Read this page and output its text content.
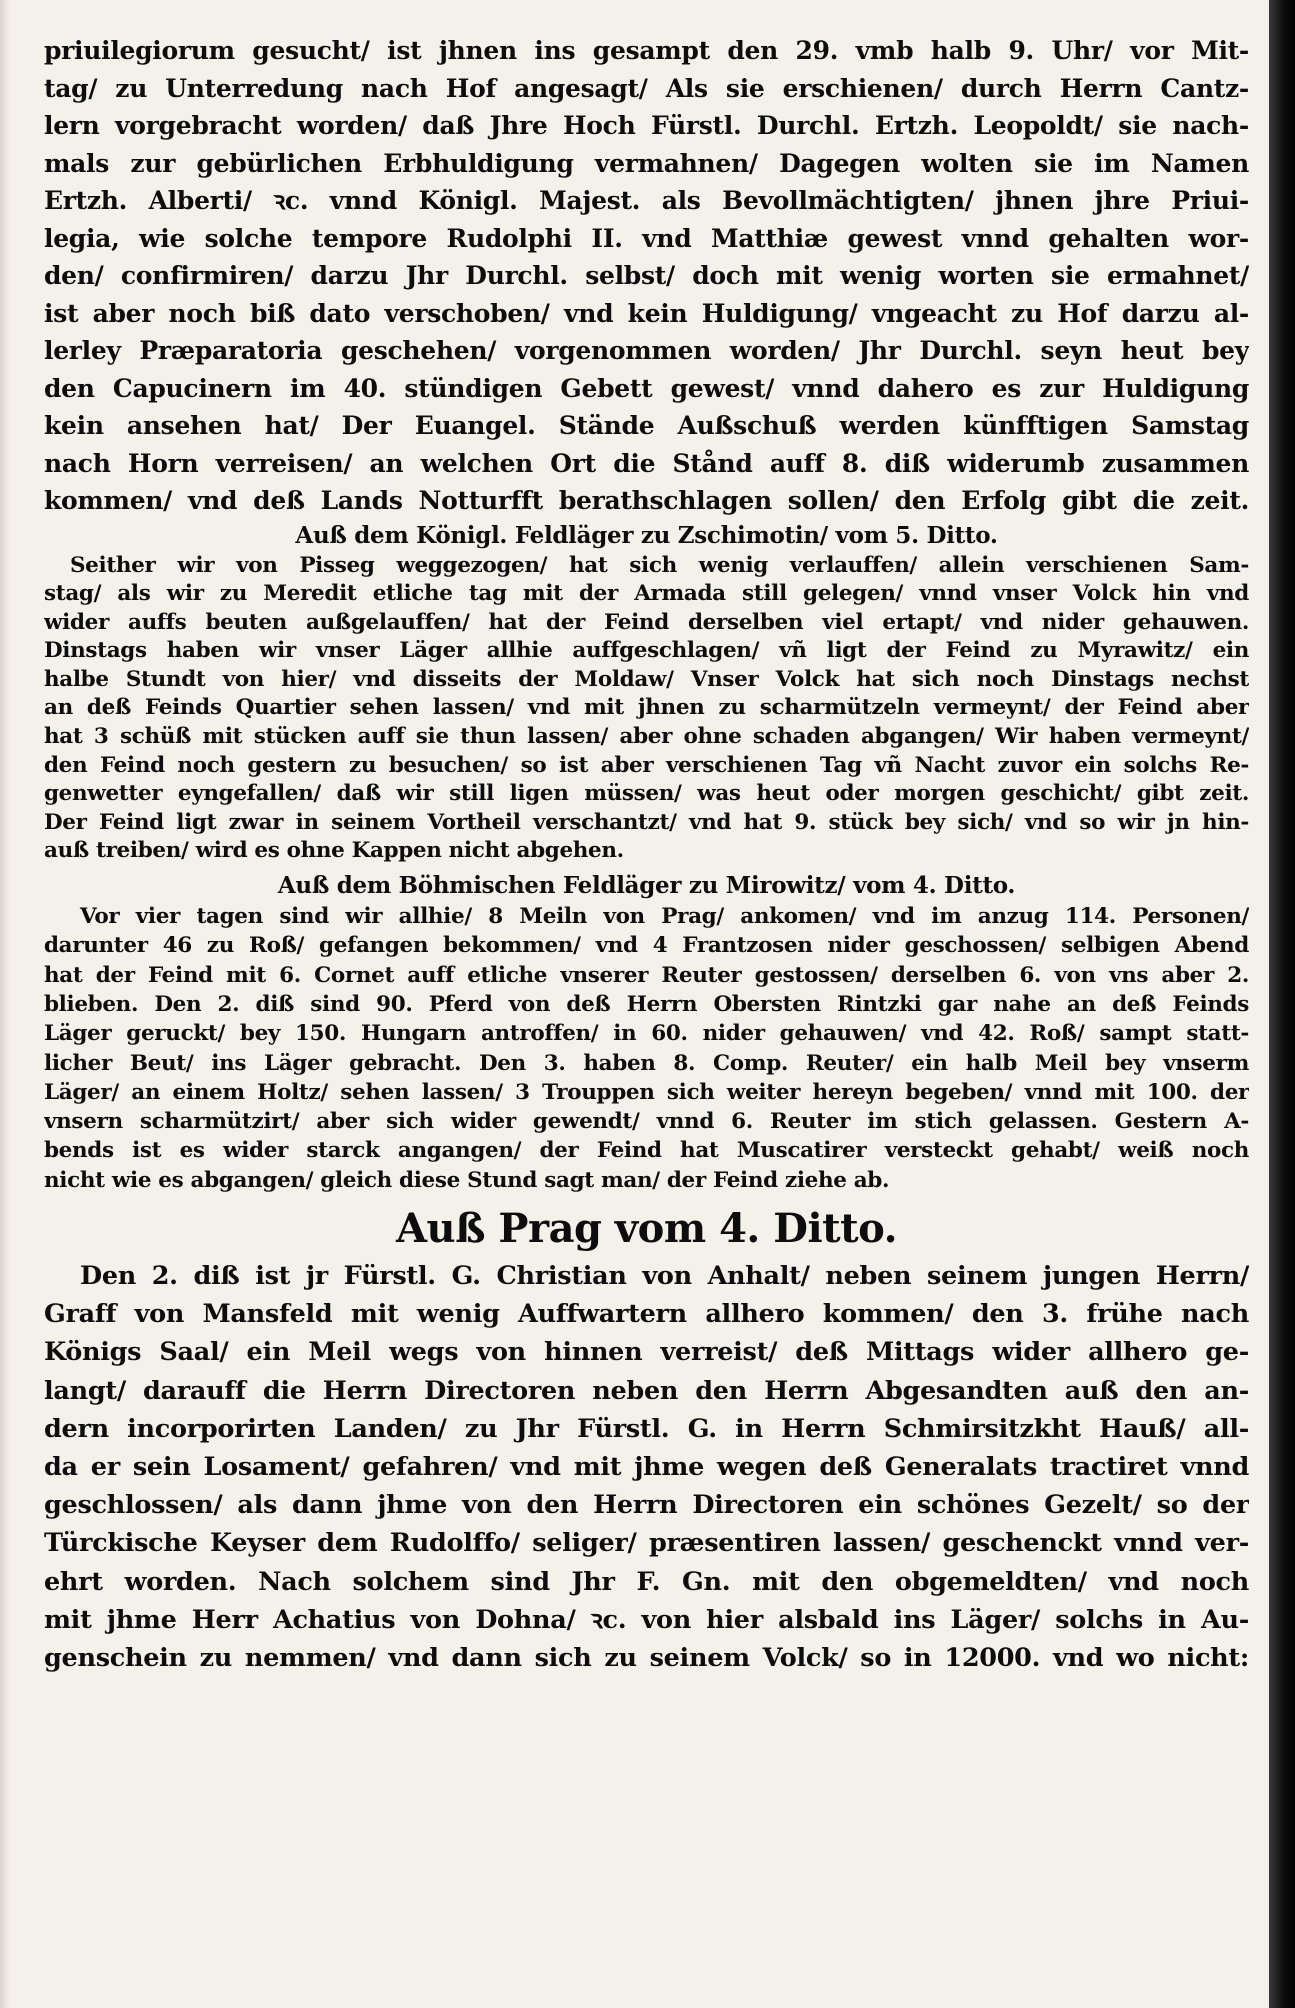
priuilegiorum gesucht/ ist jhnen ins gesampt den 29. vmb halb 9. Uhr/ vor Mit-
tag/ zu Unterredung nach Hof angesagt/ Als sie erschienen/ durch Herrn Cantz-
lern vorgebracht worden/ daß Jhre Hoch Fürstl. Durchl. Ertzh. Leopoldt/ sie nach-
mals zur gebürlichen Erbhuldigung vermahnen/ Dagegen wolten sie im Namen
Ertzh. Alberti/ ꝛc. vnnd Königl. Majest. als Bevollmächtigten/ jhnen jhre Priui-
legia, wie solche tempore Rudolphi II. vnd Matthiæ gewest vnnd gehalten wor-
den/ confirmiren/ darzu Jhr Durchl. selbst/ doch mit wenig worten sie ermahnet/
ist aber noch biß dato verschoben/ vnd kein Huldigung/ vngeacht zu Hof darzu al-
lerley Præparatoria geschehen/ vorgenommen worden/ Jhr Durchl. seyn heut bey
den Capucinern im 40. stündigen Gebett gewest/ vnnd dahero es zur Huldigung
kein ansehen hat/ Der Euangel. Stände Außschuß werden künfftigen Samstag
nach Horn verreisen/ an welchen Ort die Stånd auff 8. diß widerumb zusammen
kommen/ vnd deß Lands Notturfft berathschlagen sollen/ den Erfolg gibt die zeit.
Auß dem Königl. Feldläger zu Zschimotin/ vom 5. Ditto.
Seither wir von Pisseg weggezogen/ hat sich wenig verlauffen/ allein verschienen Sam-
stag/ als wir zu Meredit etliche tag mit der Armada still gelegen/ vnnd vnser Volck hin vnd
wider auffs beuten außgelauffen/ hat der Feind derselben viel ertapt/ vnd nider gehauwen.
Dinstags haben wir vnser Läger allhie auffgeschlagen/ vñ ligt der Feind zu Myrawitz/ ein
halbe Stundt von hier/ vnd disseits der Moldaw/ Vnser Volck hat sich noch Dinstags nechst
an deß Feinds Quartier sehen lassen/ vnd mit jhnen zu scharmützeln vermeynt/ der Feind aber
hat 3 schüß mit stücken auff sie thun lassen/ aber ohne schaden abgangen/ Wir haben vermeynt/
den Feind noch gestern zu besuchen/ so ist aber verschienen Tag vñ Nacht zuvor ein solchs Re-
genwetter eyngefallen/ daß wir still ligen müssen/ was heut oder morgen geschicht/ gibt zeit.
Der Feind ligt zwar in seinem Vortheil verschantzt/ vnd hat 9. stück bey sich/ vnd so wir jn hin-
auß treiben/ wird es ohne Kappen nicht abgehen.
Auß dem Böhmischen Feldläger zu Mirowitz/ vom 4. Ditto.
Vor vier tagen sind wir allhie/ 8 Meiln von Prag/ ankomen/ vnd im anzug 114. Personen/
darunter 46 zu Roß/ gefangen bekommen/ vnd 4 Frantzosen nider geschossen/ selbigen Abend
hat der Feind mit 6. Cornet auff etliche vnserer Reuter gestossen/ derselben 6. von vns aber 2.
blieben. Den 2. diß sind 90. Pferd von deß Herrn Obersten Rintzki gar nahe an deß Feinds
Läger geruckt/ bey 150. Hungarn antroffen/ in 60. nider gehauwen/ vnd 42. Roß/ sampt statt-
licher Beut/ ins Läger gebracht. Den 3. haben 8. Comp. Reuter/ ein halb Meil bey vnserm
Läger/ an einem Holtz/ sehen lassen/ 3 Trouppen sich weiter hereyn begeben/ vnnd mit 100. der
vnsern scharmützirt/ aber sich wider gewendt/ vnnd 6. Reuter im stich gelassen. Gestern A-
bends ist es wider starck angangen/ der Feind hat Muscatirer versteckt gehabt/ weiß noch
nicht wie es abgangen/ gleich diese Stund sagt man/ der Feind ziehe ab.
Auß Prag vom 4. Ditto.
Den 2. diß ist jr Fürstl. G. Christian von Anhalt/ neben seinem jungen Herrn/
Graff von Mansfeld mit wenig Auffwartern allhero kommen/ den 3. frühe nach
Königs Saal/ ein Meil wegs von hinnen verreist/ deß Mittags wider allhero ge-
langt/ darauff die Herrn Directoren neben den Herrn Abgesandten auß den an-
dern incorporirten Landen/ zu Jhr Fürstl. G. in Herrn Schmirsitzkht Hauß/ all-
da er sein Losament/ gefahren/ vnd mit jhme wegen deß Generalats tractiret vnnd
geschlossen/ als dann jhme von den Herrn Directoren ein schönes Gezelt/ so der
Türckische Keyser dem Rudolffo/ seliger/ præsentiren lassen/ geschenckt vnnd ver-
ehrt worden. Nach solchem sind Jhr F. Gn. mit den obgemeldten/ vnd noch
mit jhme Herr Achatius von Dohna/ ꝛc. von hier alsbald ins Läger/ solchs in Au-
genschein zu nemmen/ vnd dann sich zu seinem Volck/ so in 12000. vnd wo nicht:
